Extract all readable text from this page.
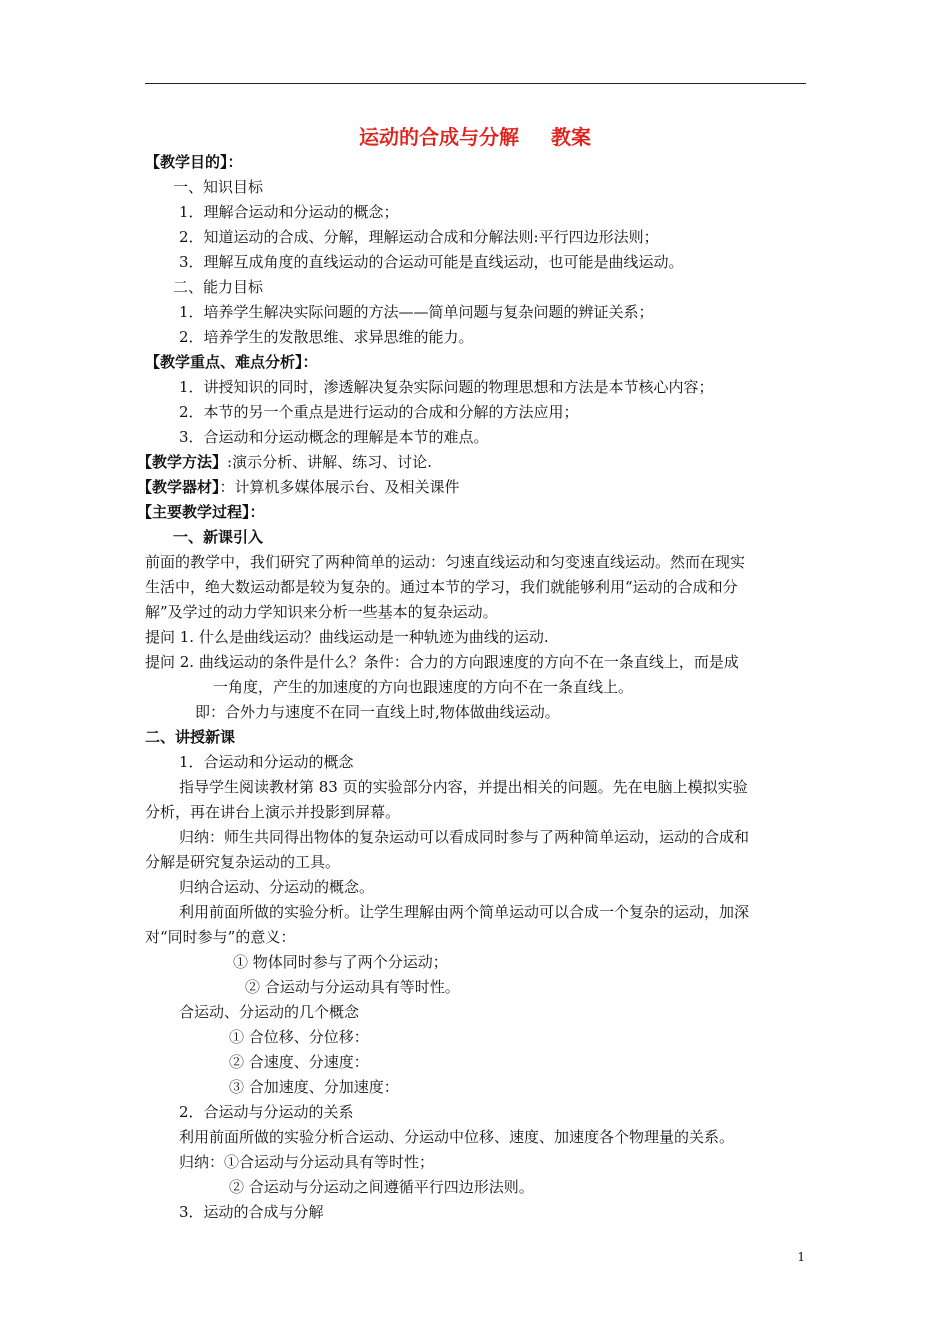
运动的合成与分解 教案
【教学目的】：
一、知识目标
1．理解合运动和分运动的概念；
2．知道运动的合成、分解，理解运动合成和分解法则:平行四边形法则；
3．理解互成角度的直线运动的合运动可能是直线运动，也可能是曲线运动。
二、能力目标
1．培养学生解决实际问题的方法——简单问题与复杂问题的辨证关系；
2．培养学生的发散思维、求异思维的能力。
【教学重点、难点分析】：
1．讲授知识的同时，渗透解决复杂实际问题的物理思想和方法是本节核心内容；
2．本节的另一个重点是进行运动的合成和分解的方法应用；
3．合运动和分运动概念的理解是本节的难点。
【教学方法】:演示分析、讲解、练习、讨论.
【教学器材】：计算机多媒体展示台、及相关课件
【主要教学过程】：
一、新课引入
前面的教学中，我们研究了两种简单的运动：匀速直线运动和匀变速直线运动。然而在现实
生活中，绝大数运动都是较为复杂的。通过本节的学习，我们就能够利用“运动的合成和分
解”及学过的动力学知识来分析一些基本的复杂运动。
提问 1. 什么是曲线运动？曲线运动是一种轨迹为曲线的运动.
提问 2. 曲线运动的条件是什么？条件：合力的方向跟速度的方向不在一条直线上，而是成
一角度，产生的加速度的方向也跟速度的方向不在一条直线上。
即：合外力与速度不在同一直线上时,物体做曲线运动。
二、讲授新课
1．合运动和分运动的概念
指导学生阅读教材第 83 页的实验部分内容，并提出相关的问题。先在电脑上模拟实验
分析，再在讲台上演示并投影到屏幕。
归纳：师生共同得出物体的复杂运动可以看成同时参与了两种简单运动，运动的合成和
分解是研究复杂运动的工具。
归纳合运动、分运动的概念。
利用前面所做的实验分析。让学生理解由两个简单运动可以合成一个复杂的运动，加深
对“同时参与”的意义：
① 物体同时参与了两个分运动；
② 合运动与分运动具有等时性。
合运动、分运动的几个概念
① 合位移、分位移：
② 合速度、分速度：
③ 合加速度、分加速度：
2．合运动与分运动的关系
利用前面所做的实验分析合运动、分运动中位移、速度、加速度各个物理量的关系。
归纳：①合运动与分运动具有等时性；
② 合运动与分运动之间遵循平行四边形法则。
3．运动的合成与分解
1
